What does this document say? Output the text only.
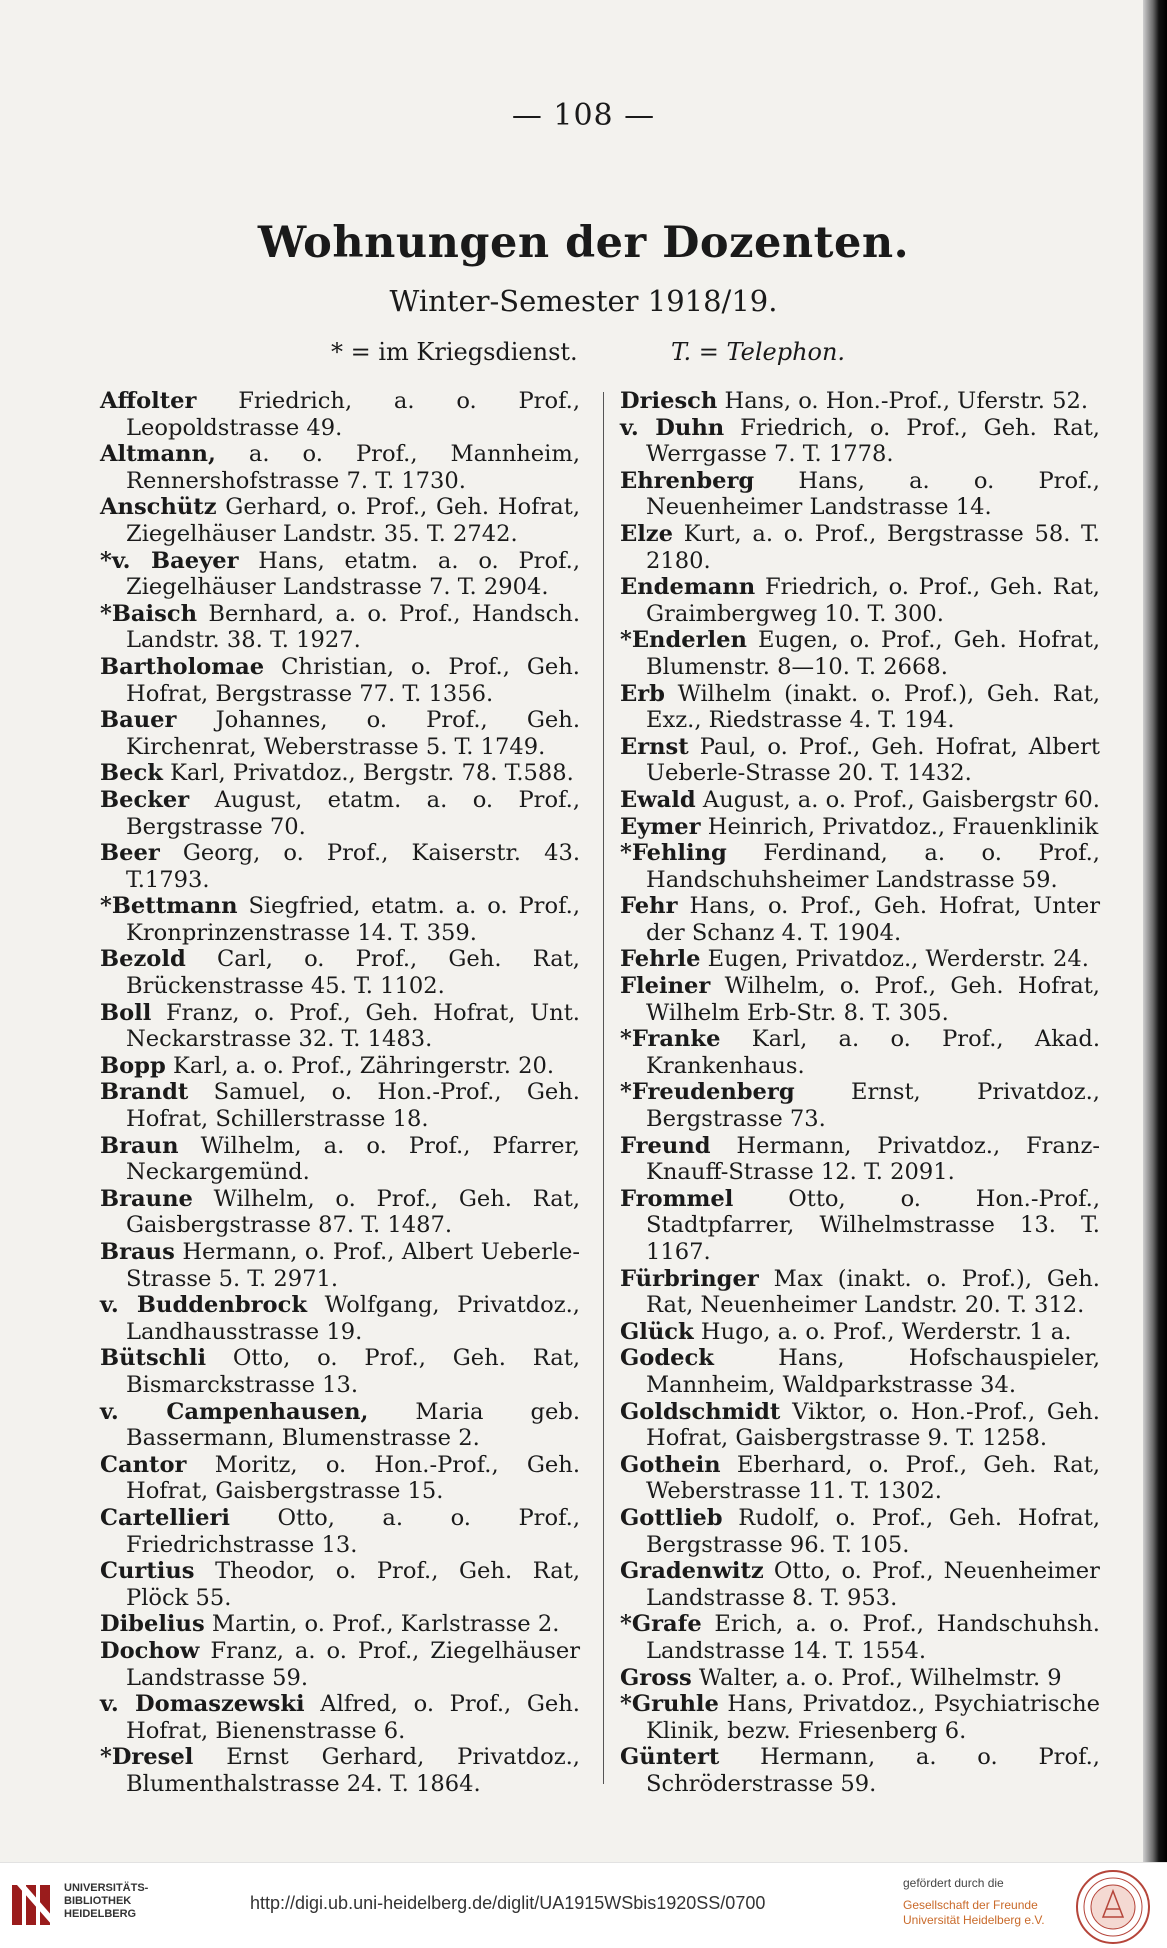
— 108 —
Wohnungen der Dozenten.
Winter-Semester 1918/19.
* = im Kriegsdienst.	T. = Telephon.
Affolter Friedrich, a. o. Prof., Leopoldstrasse 49.
Altmann, a. o. Prof., Mannheim, Rennershofstrasse 7. T. 1730.
Anschütz Gerhard, o. Prof., Geh. Hofrat, Ziegelhäuser Landstr. 35. T. 2742.
*v. Baeyer Hans, etatm. a. o. Prof., Ziegelhäuser Landstrasse 7. T. 2904.
*Baisch Bernhard, a. o. Prof., Handsch. Landstr. 38. T. 1927.
Bartholomae Christian, o. Prof., Geh. Hofrat, Bergstrasse 77. T. 1356.
Bauer Johannes, o. Prof., Geh. Kirchenrat, Weberstrasse 5. T. 1749.
Beck Karl, Privatdoz., Bergstr. 78. T.588.
Becker August, etatm. a. o. Prof., Bergstrasse 70.
Beer Georg, o. Prof., Kaiserstr. 43. T.1793.
*Bettmann Siegfried, etatm. a. o. Prof., Kronprinzenstrasse 14. T. 359.
Bezold Carl, o. Prof., Geh. Rat, Brückenstrasse 45. T. 1102.
Boll Franz, o. Prof., Geh. Hofrat, Unt. Neckarstrasse 32. T. 1483.
Bopp Karl, a. o. Prof., Zähringerstr. 20.
Brandt Samuel, o. Hon.-Prof., Geh. Hofrat, Schillerstrasse 18.
Braun Wilhelm, a. o. Prof., Pfarrer, Neckargemünd.
Braune Wilhelm, o. Prof., Geh. Rat, Gaisbergstrasse 87. T. 1487.
Braus Hermann, o. Prof., Albert Ueberle-Strasse 5. T. 2971.
v. Buddenbrock Wolfgang, Privatdoz., Landhausstrasse 19.
Bütschli Otto, o. Prof., Geh. Rat, Bismarckstrasse 13.
v. Campenhausen, Maria geb. Bassermann, Blumenstrasse 2.
Cantor Moritz, o. Hon.-Prof., Geh. Hofrat, Gaisbergstrasse 15.
Cartellieri Otto, a. o. Prof., Friedrichstrasse 13.
Curtius Theodor, o. Prof., Geh. Rat, Plöck 55.
Dibelius Martin, o. Prof., Karlstrasse 2.
Dochow Franz, a. o. Prof., Ziegelhäuser Landstrasse 59.
v. Domaszewski Alfred, o. Prof., Geh. Hofrat, Bienenstrasse 6.
*Dresel Ernst Gerhard, Privatdoz., Blumenthalstrasse 24. T. 1864.
Driesch Hans, o. Hon.-Prof., Uferstr. 52.
v. Duhn Friedrich, o. Prof., Geh. Rat, Werrgasse 7. T. 1778.
Ehrenberg Hans, a. o. Prof., Neuenheimer Landstrasse 14.
Elze Kurt, a. o. Prof., Bergstrasse 58. T. 2180.
Endemann Friedrich, o. Prof., Geh. Rat, Graimbergweg 10. T. 300.
*Enderlen Eugen, o. Prof., Geh. Hofrat, Blumenstr. 8—10. T. 2668.
Erb Wilhelm (inakt. o. Prof.), Geh. Rat, Exz., Riedstrasse 4. T. 194.
Ernst Paul, o. Prof., Geh. Hofrat, Albert Ueberle-Strasse 20. T. 1432.
Ewald August, a. o. Prof., Gaisbergstr 60.
Eymer Heinrich, Privatdoz., Frauenklinik
*Fehling Ferdinand, a. o. Prof., Handschuhsheimer Landstrasse 59.
Fehr Hans, o. Prof., Geh. Hofrat, Unter der Schanz 4. T. 1904.
Fehrle Eugen, Privatdoz., Werderstr. 24.
Fleiner Wilhelm, o. Prof., Geh. Hofrat, Wilhelm Erb-Str. 8. T. 305.
*Franke Karl, a. o. Prof., Akad. Krankenhaus.
*Freudenberg Ernst, Privatdoz., Bergstrasse 73.
Freund Hermann, Privatdoz., Franz-Knauff-Strasse 12. T. 2091.
Frommel Otto, o. Hon.-Prof., Stadtpfarrer, Wilhelmstrasse 13. T. 1167.
Fürbringer Max (inakt. o. Prof.), Geh. Rat, Neuenheimer Landstr. 20. T. 312.
Glück Hugo, a. o. Prof., Werderstr. 1 a.
Godeck	Hans, Hofschauspieler, Mannheim, Waldparkstrasse 34.
Goldschmidt Viktor, o. Hon.-Prof., Geh. Hofrat, Gaisbergstrasse 9. T. 1258.
Gothein Eberhard, o. Prof., Geh. Rat, Weberstrasse 11. T. 1302.
Gottlieb Rudolf, o. Prof., Geh. Hofrat, Bergstrasse 96. T. 105.
Gradenwitz Otto, o. Prof., Neuenheimer Landstrasse 8. T. 953.
*Grafe Erich, a. o. Prof., Handschuhsh. Landstrasse 14. T. 1554.
Gross Walter, a. o. Prof., Wilhelmstr. 9
*Gruhle Hans, Privatdoz., Psychiatrische Klinik, bezw. Friesenberg 6.
Güntert Hermann, a. o. Prof., Schröderstrasse 59.
UNIVERSITÄTS-
BIBLIOTHEK
HEIDELBERG
http://digi.ub.uni-heidelberg.de/diglit/UA1915WSbis1920SS/0700
gefördert durch die
Gesellschaft der Freunde
Universität Heidelberg e.V.
